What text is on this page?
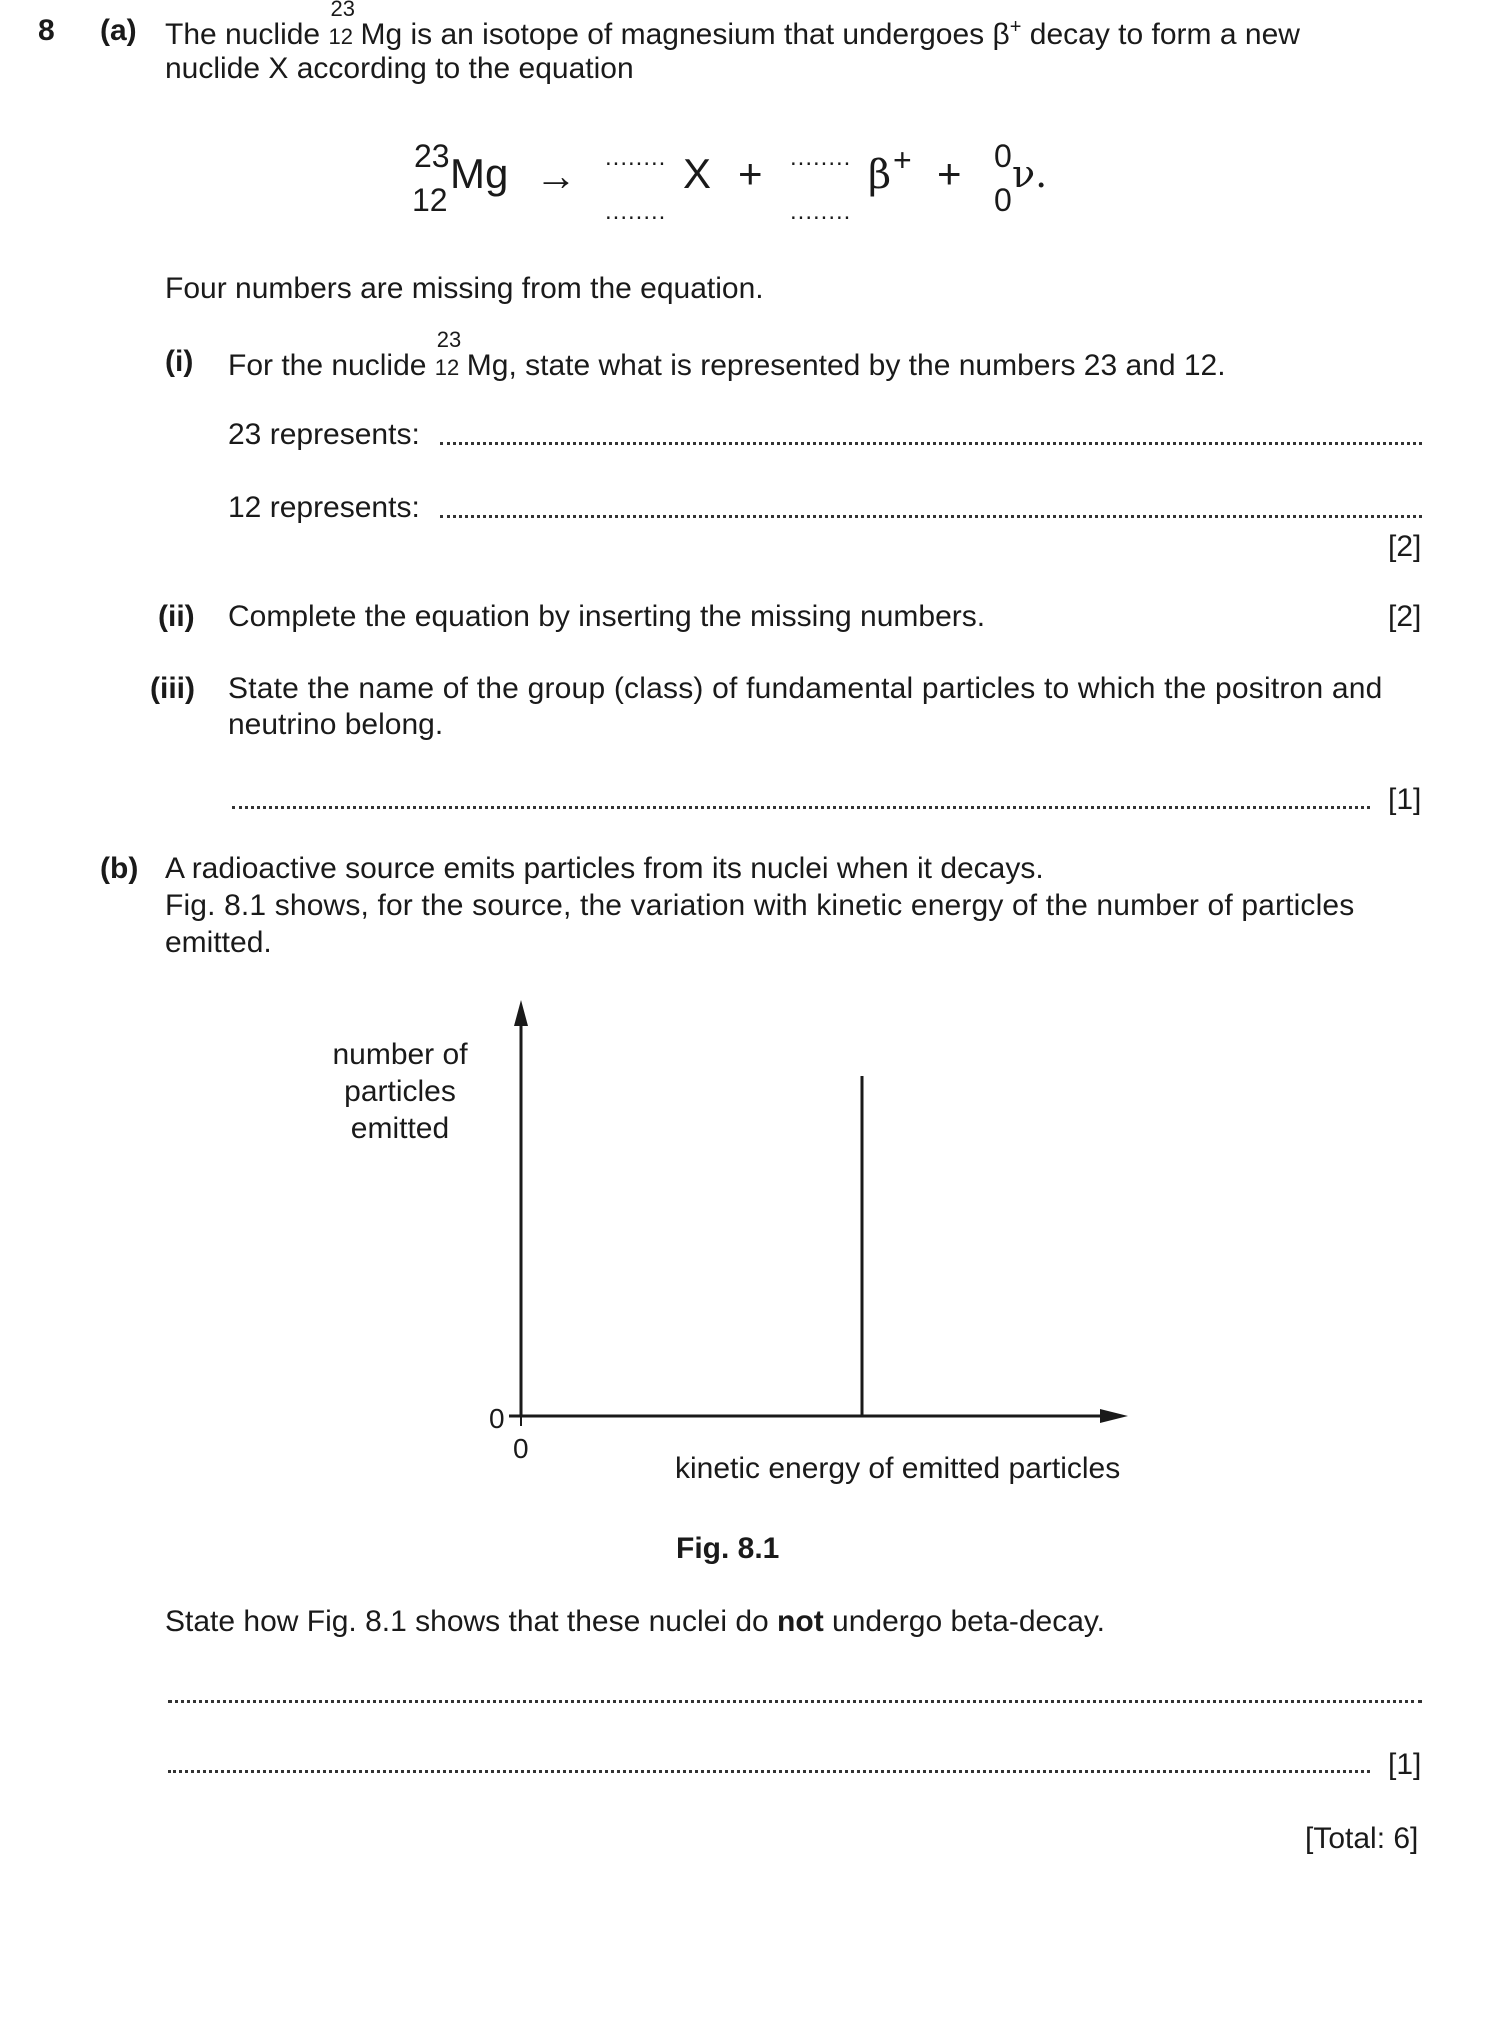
8 (a) The nuclide
23
12 Mg is an isotope of magnesium that undergoes β+ decay to form a new
nuclide X according to the equation
23
12
Mg → ........
........
X + ........
........
β + + 0
0
ν.
Four numbers are missing from the equation.
(i) For the nuclide
23
12 Mg, state what is represented by the numbers 23 and 12.
23 represents:
12 represents:
[2]
(ii) Complete the equation by inserting the missing numbers.	[2]
(iii) State the name of the group (class) of fundamental particles to which the positron and
neutrino belong.
[1]
(b) A radioactive source emits particles from its nuclei when it decays.
Fig. 8.1 shows, for the source, the variation with kinetic energy of the number of particles
emitted.
number of
particles
emitted
0
0
kinetic energy of emitted particles
Fig. 8.1
State how Fig. 8.1 shows that these nuclei do not undergo beta-decay.
[1]
[Total: 6]
